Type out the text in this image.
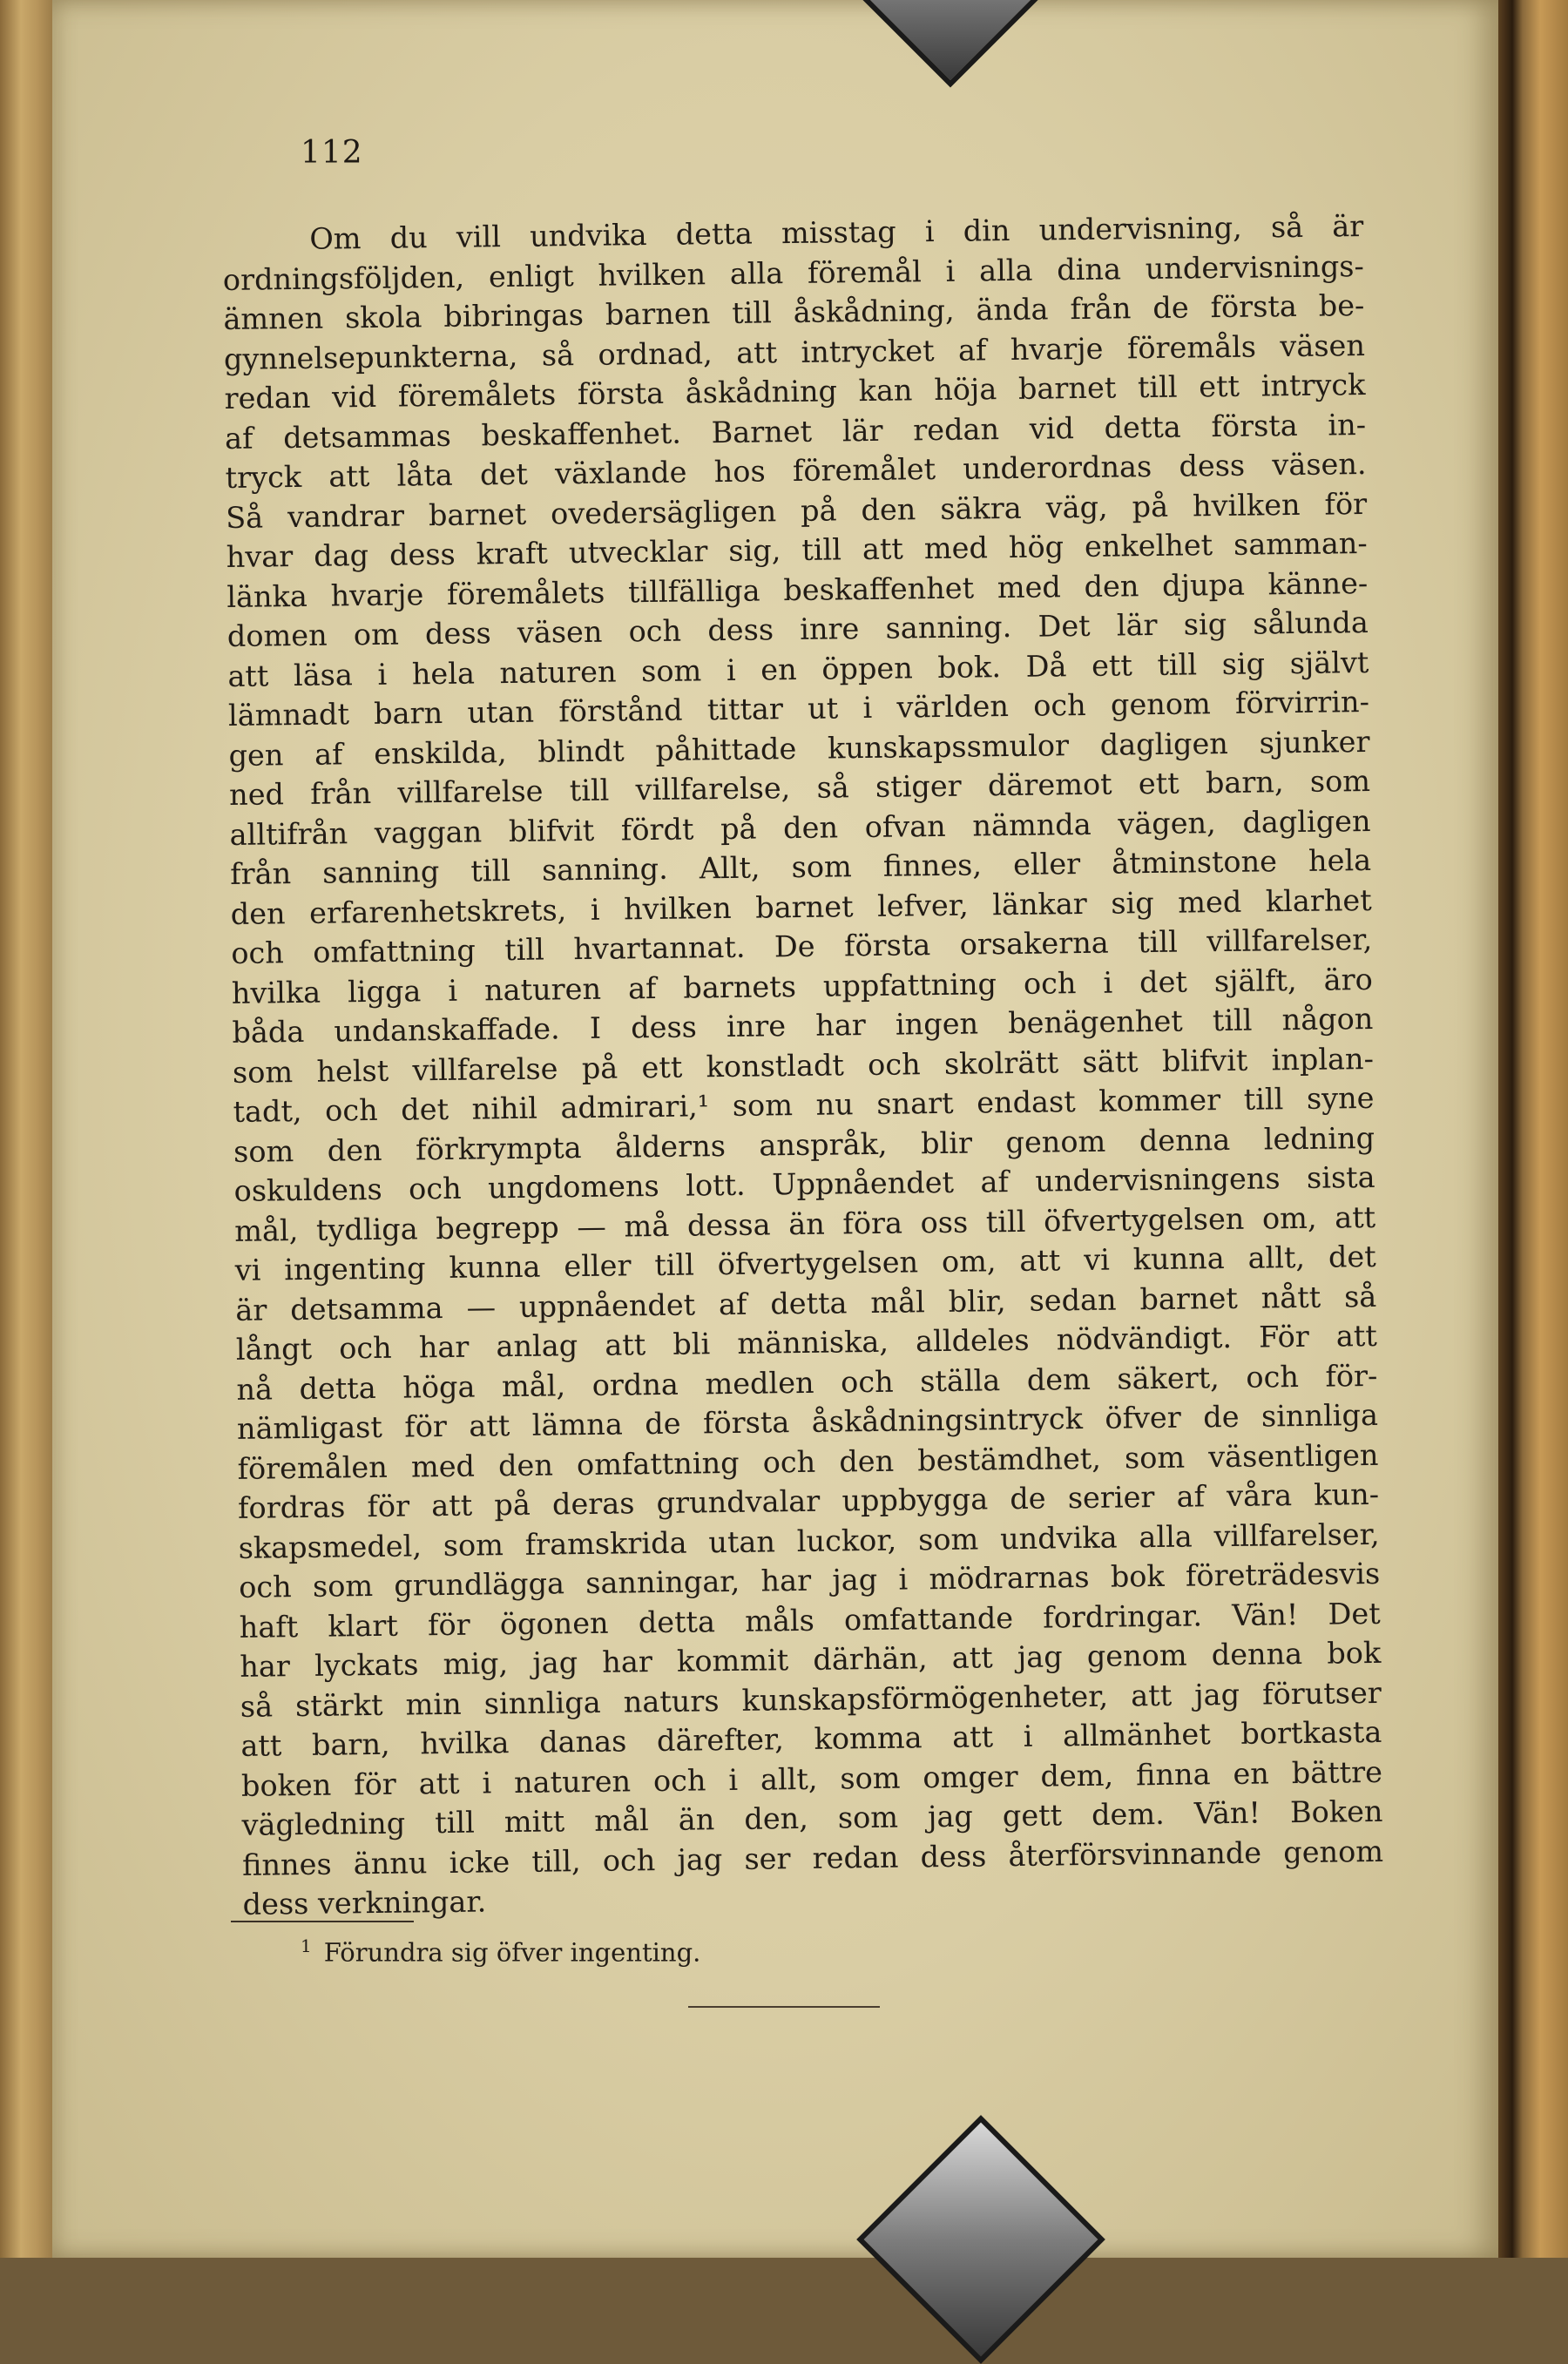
112
Om du vill undvika detta misstag i din undervisning, så är
ordningsföljden, enligt hvilken alla föremål i alla dina undervisnings-
ämnen skola bibringas barnen till åskådning, ända från de första be-
gynnelsepunkterna, så ordnad, att intrycket af hvarje föremåls väsen
redan vid föremålets första åskådning kan höja barnet till ett intryck
af detsammas beskaffenhet. Barnet lär redan vid detta första in-
tryck att låta det växlande hos föremålet underordnas dess väsen.
Så vandrar barnet ovedersägligen på den säkra väg, på hvilken för
hvar dag dess kraft utvecklar sig, till att med hög enkelhet samman-
länka hvarje föremålets tillfälliga beskaffenhet med den djupa känne-
domen om dess väsen och dess inre sanning. Det lär sig sålunda
att läsa i hela naturen som i en öppen bok. Då ett till sig självt
lämnadt barn utan förstånd tittar ut i världen och genom förvirrin-
gen af enskilda, blindt påhittade kunskapssmulor dagligen sjunker
ned från villfarelse till villfarelse, så stiger däremot ett barn, som
alltifrån vaggan blifvit fördt på den ofvan nämnda vägen, dagligen
från sanning till sanning. Allt, som finnes, eller åtminstone hela
den erfarenhetskrets, i hvilken barnet lefver, länkar sig med klarhet
och omfattning till hvartannat. De första orsakerna till villfarelser,
hvilka ligga i naturen af barnets uppfattning och i det själft, äro
båda undanskaffade. I dess inre har ingen benägenhet till någon
som helst villfarelse på ett konstladt och skolrätt sätt blifvit inplan-
tadt, och det nihil admirari,¹ som nu snart endast kommer till syne
som den förkrympta ålderns anspråk, blir genom denna ledning
oskuldens och ungdomens lott. Uppnåendet af undervisningens sista
mål, tydliga begrepp — må dessa än föra oss till öfvertygelsen om, att
vi ingenting kunna eller till öfvertygelsen om, att vi kunna allt, det
är detsamma — uppnåendet af detta mål blir, sedan barnet nått så
långt och har anlag att bli människa, alldeles nödvändigt. För att
nå detta höga mål, ordna medlen och ställa dem säkert, och för-
nämligast för att lämna de första åskådningsintryck öfver de sinnliga
föremålen med den omfattning och den bestämdhet, som väsentligen
fordras för att på deras grundvalar uppbygga de serier af våra kun-
skapsmedel, som framskrida utan luckor, som undvika alla villfarelser,
och som grundlägga sanningar, har jag i mödrarnas bok företrädesvis
haft klart för ögonen detta måls omfattande fordringar. Vän! Det
har lyckats mig, jag har kommit därhän, att jag genom denna bok
så stärkt min sinnliga naturs kunskapsförmögenheter, att jag förutser
att barn, hvilka danas därefter, komma att i allmänhet bortkasta
boken för att i naturen och i allt, som omger dem, finna en bättre
vägledning till mitt mål än den, som jag gett dem. Vän! Boken
finnes ännu icke till, och jag ser redan dess återförsvinnande genom
dess verkningar.
$^1$ Förundra sig öfver ingenting.
